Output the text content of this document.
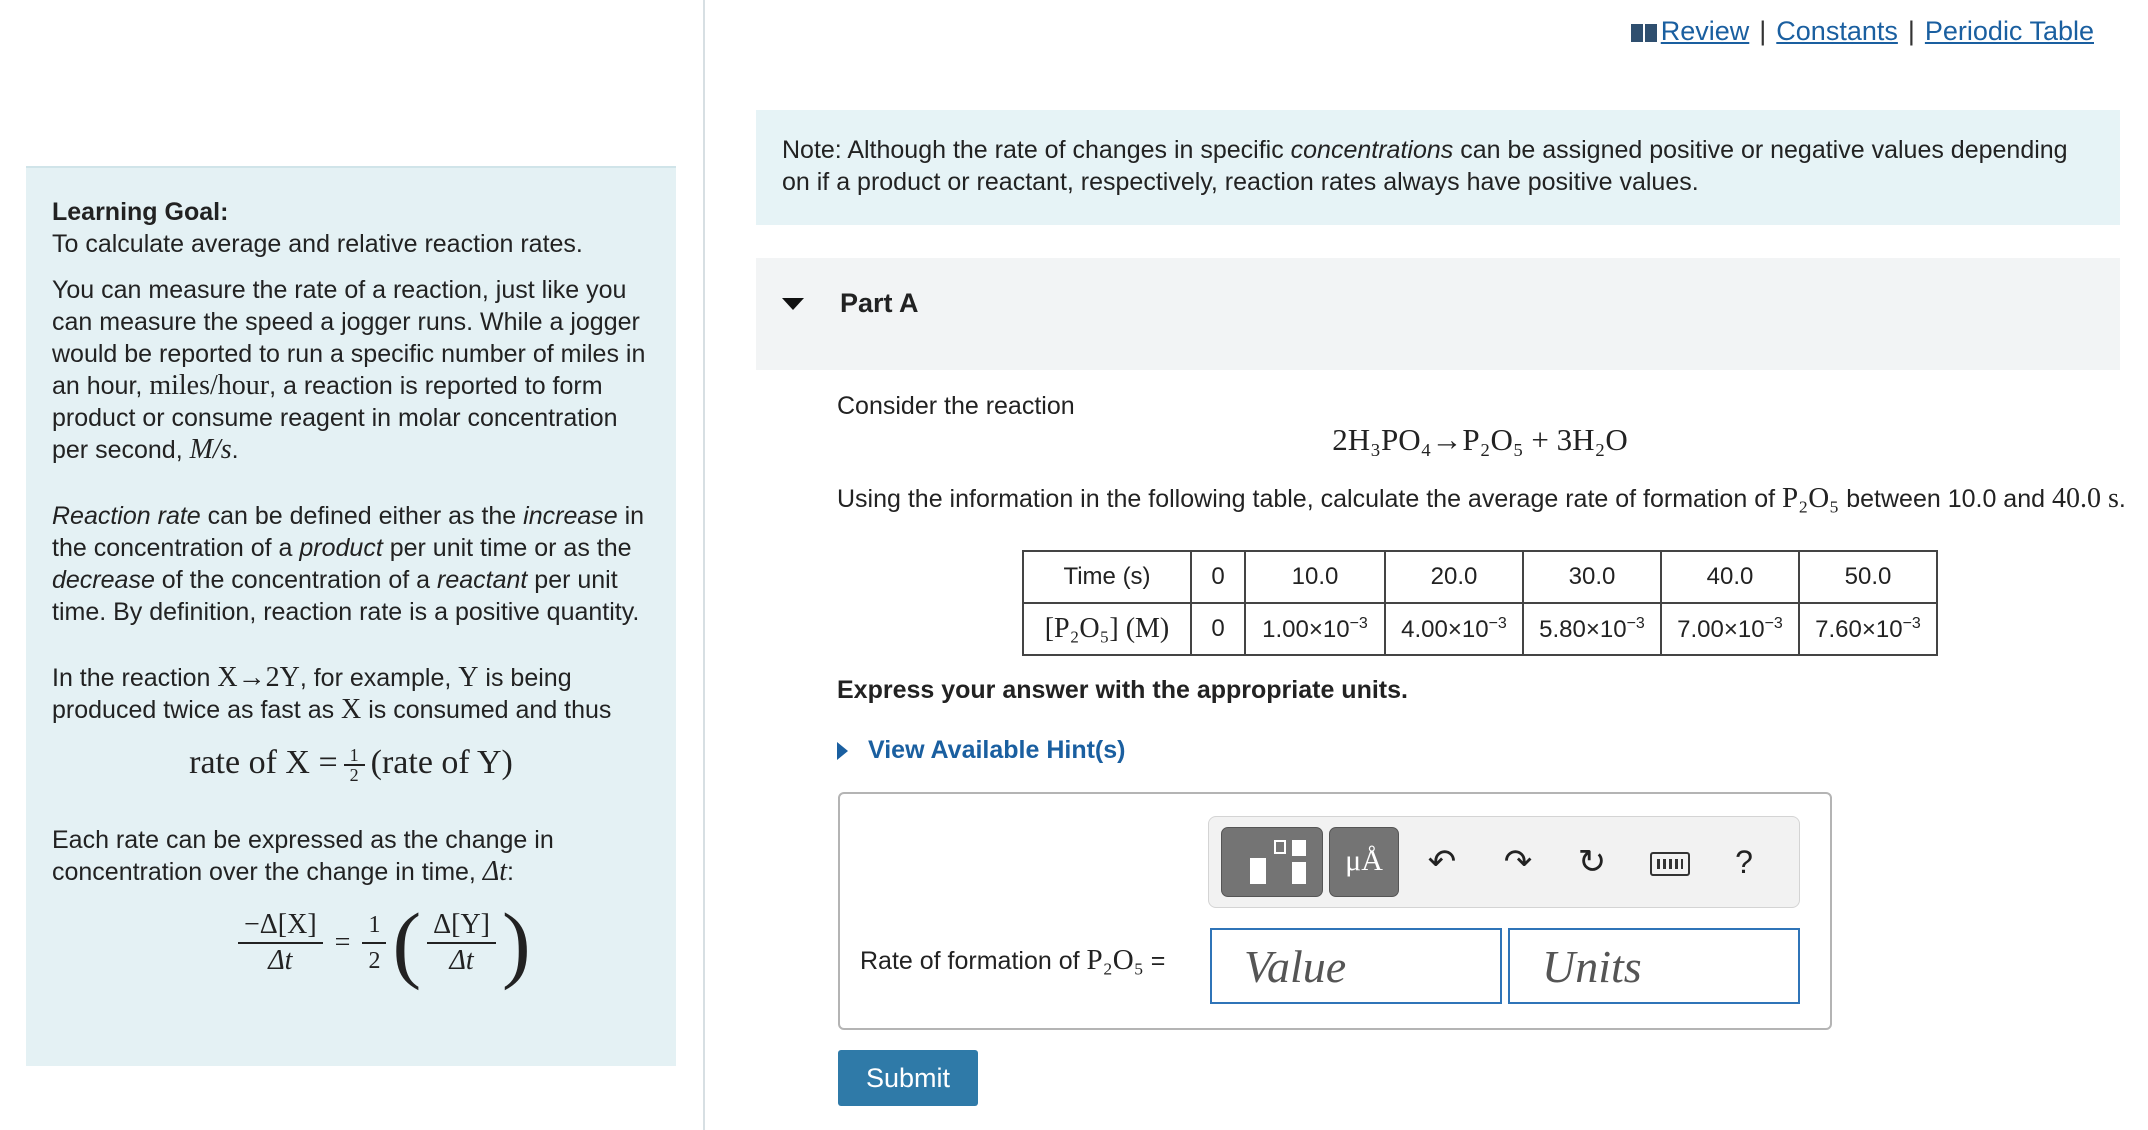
Learning Goal:
To calculate average and relative reaction rates.

You can measure the rate of a reaction, just like you can measure the speed a jogger runs. While a jogger would be reported to run a specific number of miles in an hour, miles/hour, a reaction is reported to form product or consume reagent in molar concentration per second, M/s.

Reaction rate can be defined either as the increase in the concentration of a product per unit time or as the decrease of the concentration of a reactant per unit time. By definition, reaction rate is a positive quantity.

In the reaction X→2Y, for example, Y is being produced twice as fast as X is consumed and thus

rate of $X = \frac{1}{2}$ (rate of Y)

Each rate can be expressed as the change in concentration over the change in time, Δt:

$\frac{-\Delta[X]}{\Delta t} = \frac{1}{2}$ ( $\frac{\Delta[Y]}{\Delta t}$ )
Review | Constants | Periodic Table
Note: Although the rate of changes in specific concentrations can be assigned positive or negative values depending on if a product or reactant, respectively, reaction rates always have positive values.
Part A
Consider the reaction
2H₃PO₄→P₂O₅ + 3H₂O
Using the information in the following table, calculate the average rate of formation of P₂O₅ between 10.0 and 40.0 s.
Time (s)	0	10.0	20.0	30.0	40.0	50.0
[P₂O₅] (M)	0	$1.00\times 10^{-3}$	$4.00\times 10^{-3}$	$5.80\times 10^{-3}$	$7.00\times 10^{-3}$	$7.60\times 10^{-3}$
Express your answer with the appropriate units.
View Available Hint(s)
μÅ	↶	↷	↻	?
Rate of formation of P₂O₅ =
Value
Units
Submit
